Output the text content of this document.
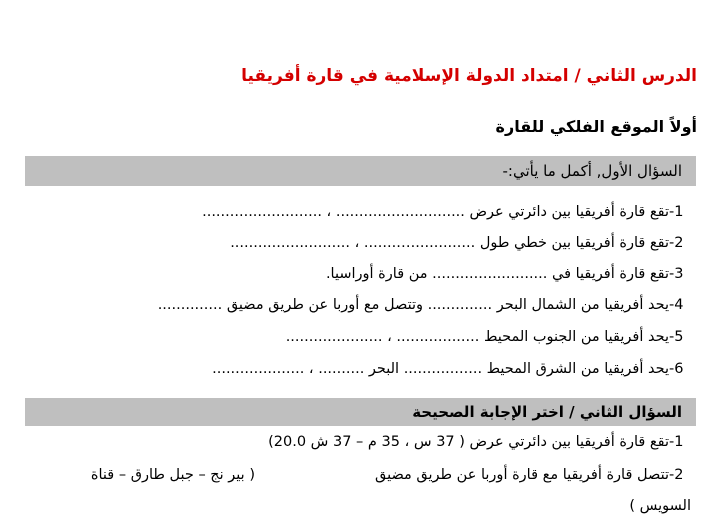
الدرس الثاني / امتداد الدولة الإسلامية في قارة أفريقيا
أولاً الموقع الفلكي للقارة
السؤال الأول, أكمل ما يأتي:-
1-تقع قارة أفريقيا بين دائرتي عرض ............................ ، ..........................
2-تقع قارة أفريقيا بين خطي طول ..............…....... ، ..........................
3-تقع قارة أفريقيا في ......................... من قارة أوراسيا.
4-يحد أفريقيا من الشمال البحر .............. وتتصل مع أوربا عن طريق مضيق ..............
5-يحد أفريقيا من الجنوب المحيط .................. ، .....................
6-يحد أفريقيا من الشرق المحيط ................. البحر .......... ، ....................
السؤال الثاني / اختر الإجابة الصحيحة
1-تقع قارة أفريقيا بين دائرتي عرض ( 37 س ، 35 م – 37 ش 20.0)
2-تتصل قارة أفريقيا مع قارة أوربا عن طريق مضيق
( بير نج – جبل طارق – قناة
السويس )
